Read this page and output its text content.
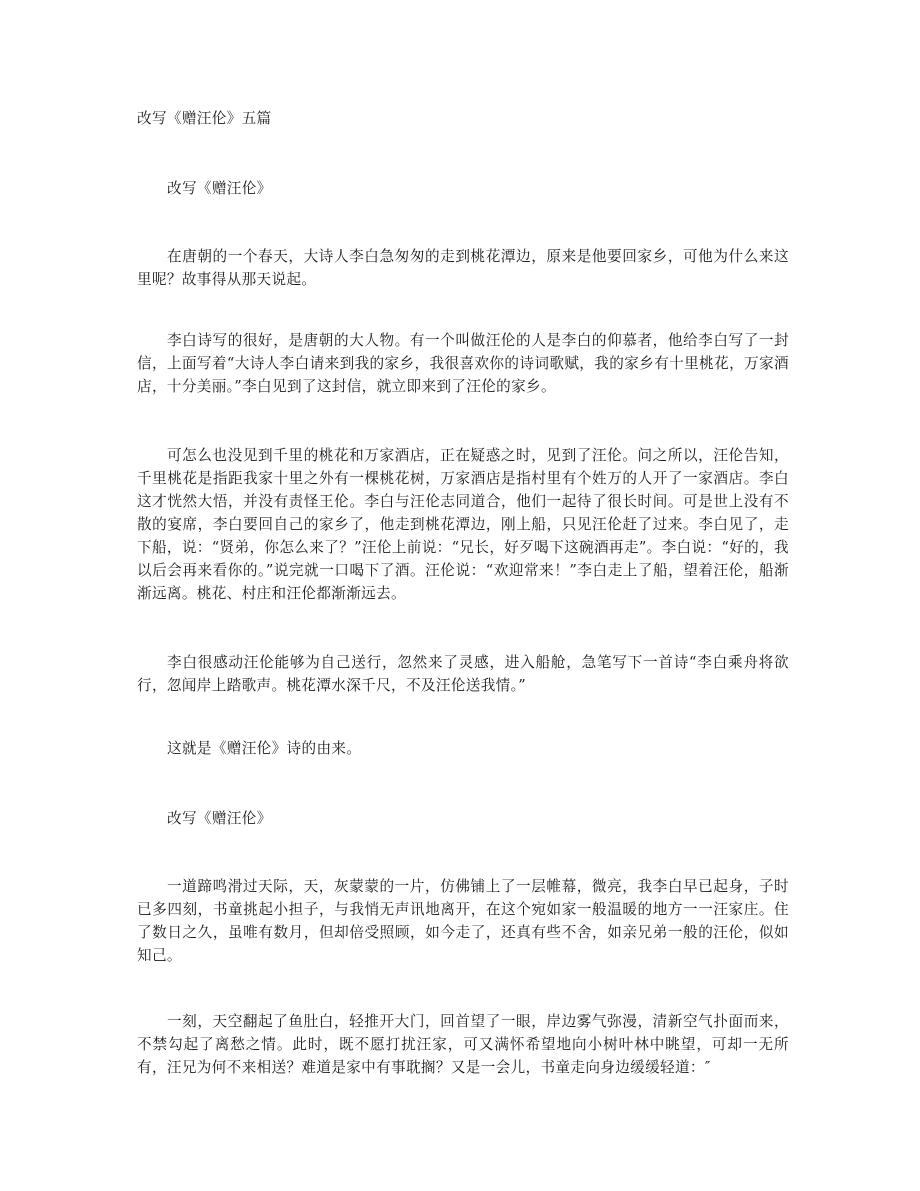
改写《赠汪伦》五篇

改写《赠汪伦》

在唐朝的一个春天，大诗人李白急匆匆的走到桃花潭边，原来是他要回家乡，可他为什么来这里呢？故事得从那天说起。

李白诗写的很好，是唐朝的大人物。有一个叫做汪伦的人是李白的仰慕者，他给李白写了一封信，上面写着“大诗人李白请来到我的家乡，我很喜欢你的诗词歌赋，我的家乡有十里桃花，万家酒店，十分美丽。”李白见到了这封信，就立即来到了汪伦的家乡。

可怎么也没见到千里的桃花和万家酒店，正在疑惑之时，见到了汪伦。问之所以，汪伦告知，千里桃花是指距我家十里之外有一棵桃花树，万家酒店是指村里有个姓万的人开了一家酒店。李白这才恍然大悟，并没有责怪王伦。李白与汪伦志同道合，他们一起待了很长时间。可是世上没有不散的宴席，李白要回自己的家乡了，他走到桃花潭边，刚上船，只见汪伦赶了过来。李白见了，走下船，说：“贤弟，你怎么来了？”汪伦上前说：“兄长，好歹喝下这碗酒再走”。李白说：“好的，我以后会再来看你的。”说完就一口喝下了酒。汪伦说：“欢迎常来！”李白走上了船，望着汪伦，船渐渐远离。桃花、村庄和汪伦都渐渐远去。

李白很感动汪伦能够为自己送行，忽然来了灵感，进入船舱，急笔写下一首诗“李白乘舟将欲行，忽闻岸上踏歌声。桃花潭水深千尺，不及汪伦送我情。”

这就是《赠汪伦》诗的由来。

改写《赠汪伦》

一道蹄鸣滑过天际，天，灰蒙蒙的一片，仿佛铺上了一层帷幕，微亮，我李白早已起身，子时已多四刻，书童挑起小担子，与我悄无声讯地离开，在这个宛如家一般温暖的地方一一汪家庄。住了数日之久，虽唯有数月，但却倍受照顾，如今走了，还真有些不舍，如亲兄弟一般的汪伦，似如知己。

一刻，天空翻起了鱼肚白，轻推开大门，回首望了一眼，岸边雾气弥漫，清新空气扑面而来，不禁勾起了离愁之情。此时，既不愿打扰汪家，可又满怀希望地向小树叶林中眺望，可却一无所有，汪兄为何不来相送？难道是家中有事耽搁？又是一会儿，书童走向身边缓缓轻道：″
